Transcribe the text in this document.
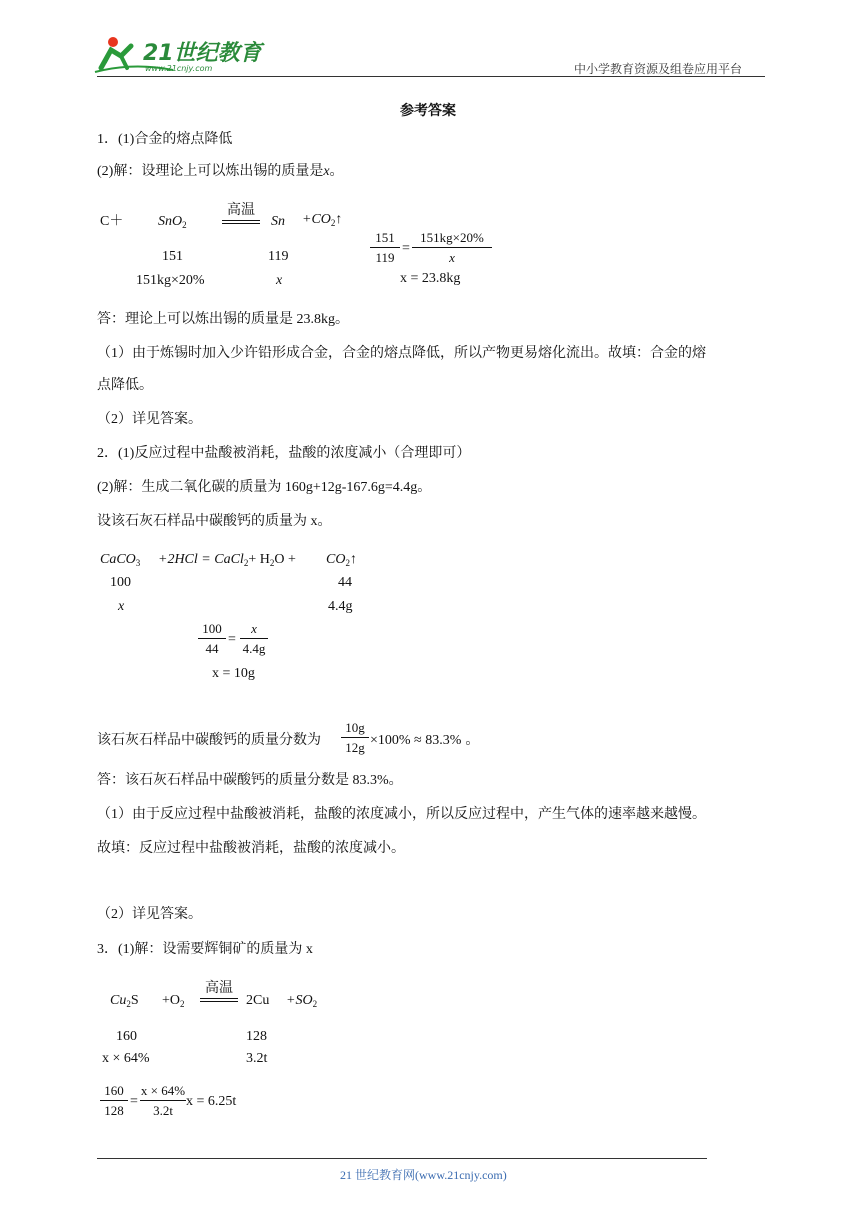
21世纪教育
www.21cnjy.com	中小学教育资源及组卷应用平台
参考答案
1．(1)合金的熔点降低
(2)解：设理论上可以炼出锡的质量是x。
C＋ SnO$_2$
高温
$Sn +CO_2↑$
151	119
151kg×20%	x
151
119
=
151kg×20%
x
x = 23.8kg
答：理论上可以炼出锡的质量是 23.8kg。
（1）由于炼锡时加入少许铅形成合金，合金的熔点降低，所以产物更易熔化流出。故填：合金的熔
点降低。
（2）详见答案。
2．(1)反应过程中盐酸被消耗，盐酸的浓度减小（合理即可）
(2)解：生成二氧化碳的质量为 160g+12g-167.6g=4.4g。
设该石灰石样品中碳酸钙的质量为 x。
CaCO$_3$ +2HCl = CaCl$_2$+ $H_2O$ + $CO_2↑$
100	44
x	4.4g
100
44
=
x
4.4g
x = 10g
该石灰石样品中碳酸钙的质量分数为
10g
12g ×100% ≈ 83.3% 。
答：该石灰石样品中碳酸钙的质量分数是 83.3%。
（1）由于反应过程中盐酸被消耗，盐酸的浓度减小，所以反应过程中，产生气体的速率越来越慢。
故填：反应过程中盐酸被消耗，盐酸的浓度减小。
（2）详见答案。
3．(1)解：设需要辉铜矿的质量为 x
$Cu_2S +O_2$
高温
$2Cu +SO_2$
160	128
x × 64%	3.2t
160
128
=
x × 64%
3.2t
x = 6.25t
21 世纪教育网(www.21cnjy.com)
